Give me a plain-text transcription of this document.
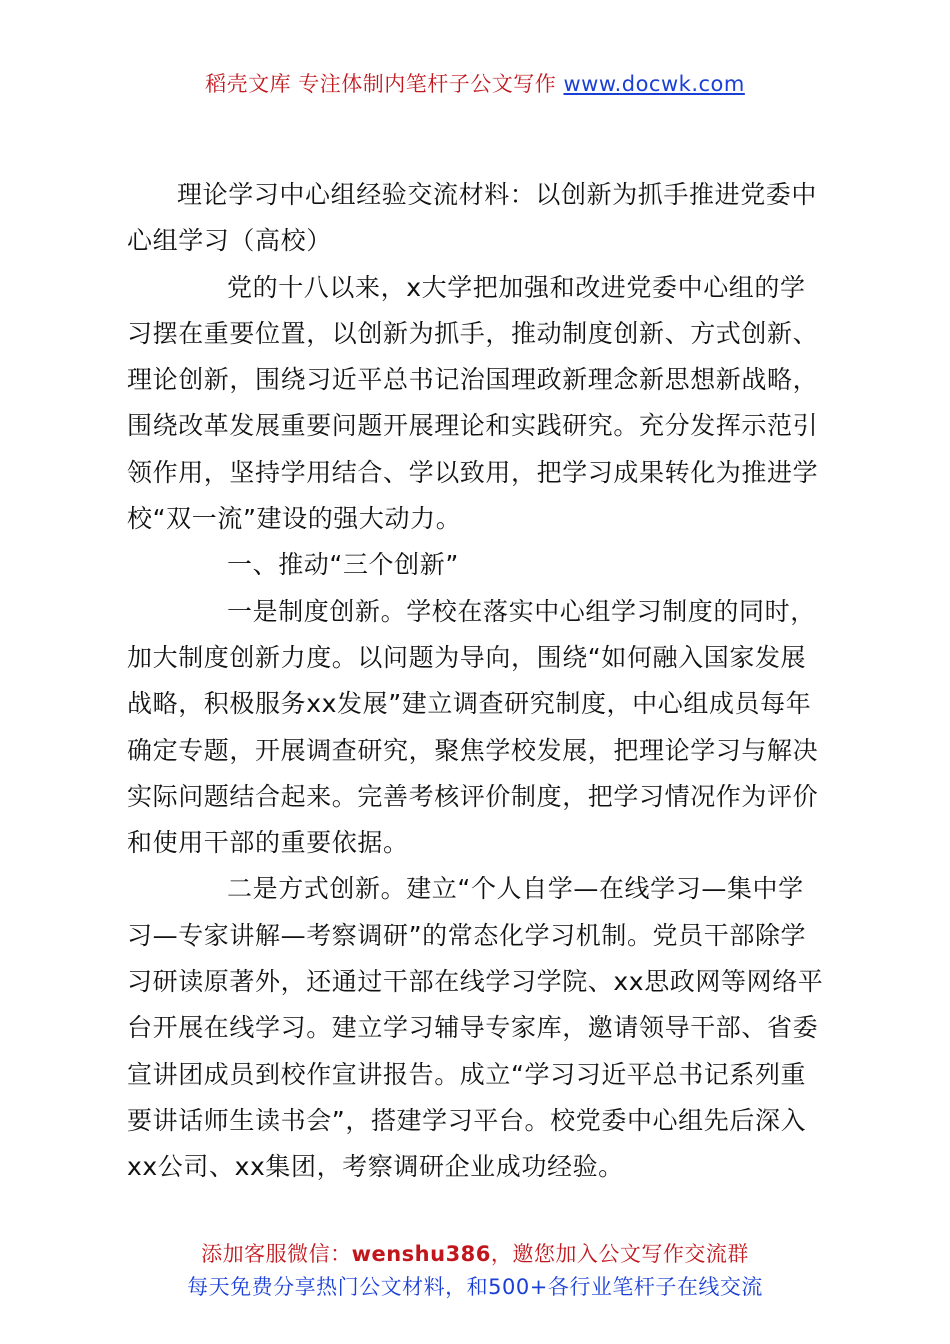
稻壳文库 专注体制内笔杆子公文写作 www.docwk.com

理论学习中心组经验交流材料：以创新为抓手推进党委中心组学习（高校）

党的十八以来，x大学把加强和改进党委中心组的学习摆在重要位置，以创新为抓手，推动制度创新、方式创新、理论创新，围绕习近平总书记治国理政新理念新思想新战略，围绕改革发展重要问题开展理论和实践研究。充分发挥示范引领作用，坚持学用结合、学以致用，把学习成果转化为推进学校“双一流”建设的强大动力。

一、推动“三个创新”

一是制度创新。学校在落实中心组学习制度的同时，加大制度创新力度。以问题为导向，围绕“如何融入国家发展战略，积极服务xx发展”建立调查研究制度，中心组成员每年确定专题，开展调查研究，聚焦学校发展，把理论学习与解决实际问题结合起来。完善考核评价制度，把学习情况作为评价和使用干部的重要依据。

二是方式创新。建立“个人自学—在线学习—集中学习—专家讲解—考察调研”的常态化学习机制。党员干部除学习研读原著外，还通过干部在线学习学院、xx思政网等网络平台开展在线学习。建立学习辅导专家库，邀请领导干部、省委宣讲团成员到校作宣讲报告。成立“学习习近平总书记系列重要讲话师生读书会”，搭建学习平台。校党委中心组先后深入xx公司、xx集团，考察调研企业成功经验。

添加客服微信：wenshu386，邀您加入公文写作交流群
每天免费分享热门公文材料，和500+各行业笔杆子在线交流
